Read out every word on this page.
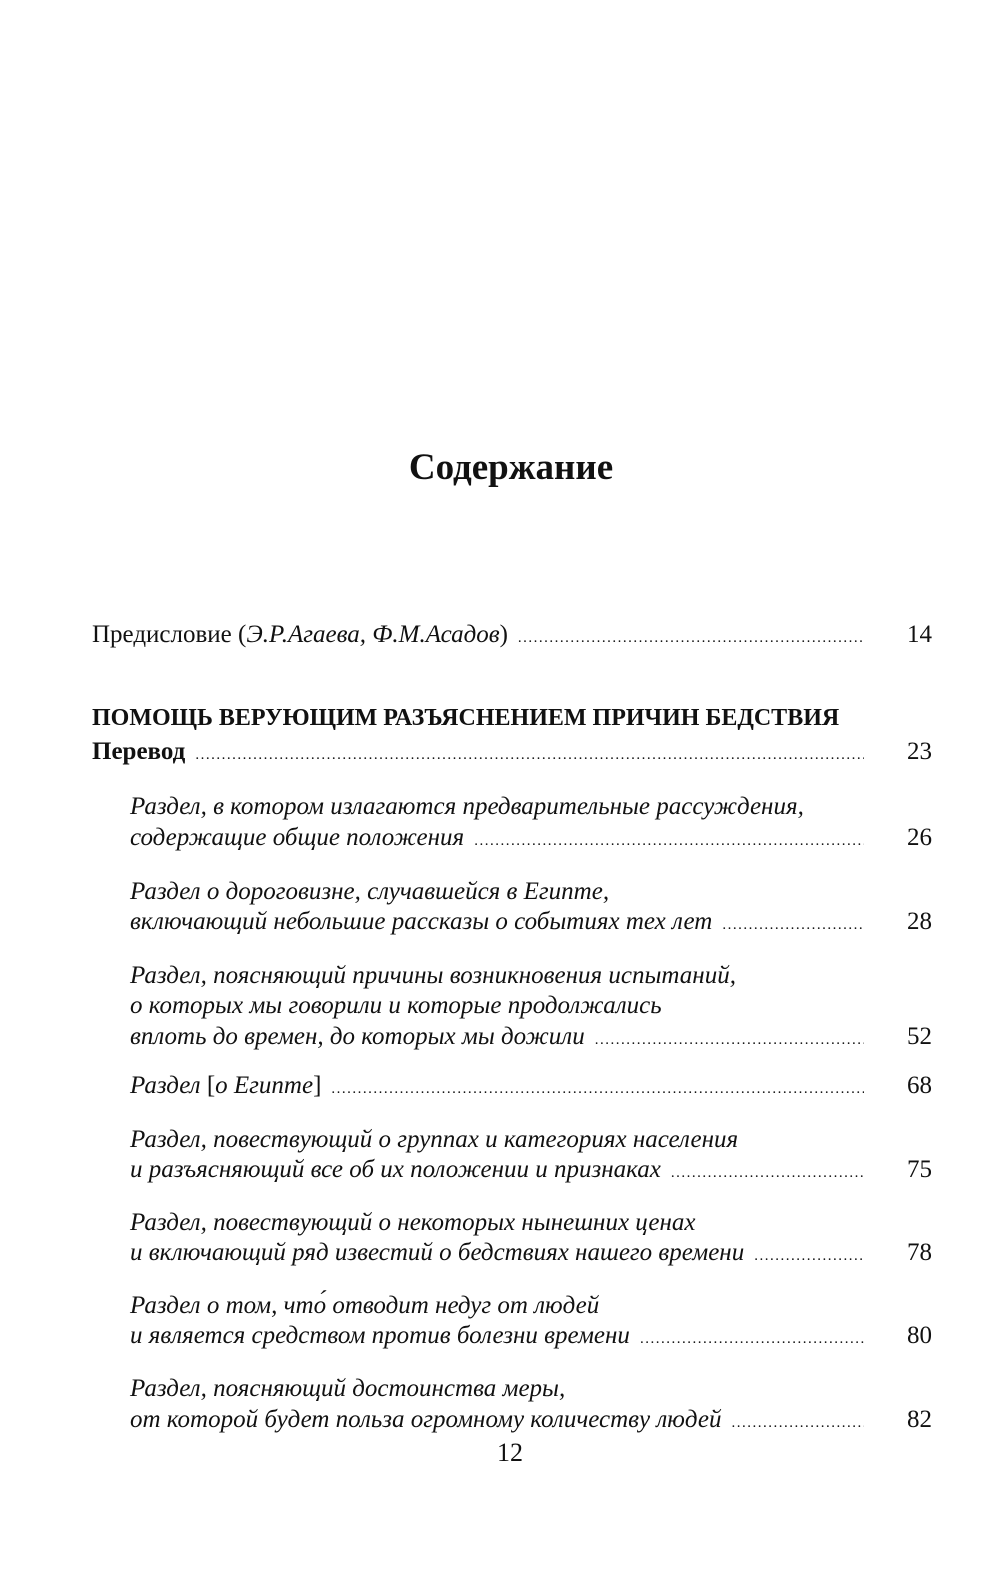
Содержание
Предисловие (Э.Р.Агаева, Ф.М.Асадов) .....	14
ПОМОЩЬ ВЕРУЮЩИМ РАЗЪЯСНЕНИЕМ ПРИЧИН БЕДСТВИЯ
Перевод .....	23
Раздел, в котором излагаются предварительные рассуждения,
содержащие общие положения .....	26
Раздел о дороговизне, случавшейся в Египте,
включающий небольшие рассказы о событиях тех лет .....	28
Раздел, поясняющий причины возникновения испытаний,
о которых мы говорили и которые продолжались
вплоть до времен, до которых мы дожили .....	52
Раздел [о Египте] .....	68
Раздел, повествующий о группах и категориях населения
и разъясняющий все об их положении и признаках .....	75
Раздел, повествующий о некоторых нынешних ценах
и включающий ряд известий о бедствиях нашего времени .....	78
Раздел о том, что́ отводит недуг от людей
и является средством против болезни времени .....	80
Раздел, поясняющий достоинства меры,
от которой будет польза огромному количеству людей .....	82
12
